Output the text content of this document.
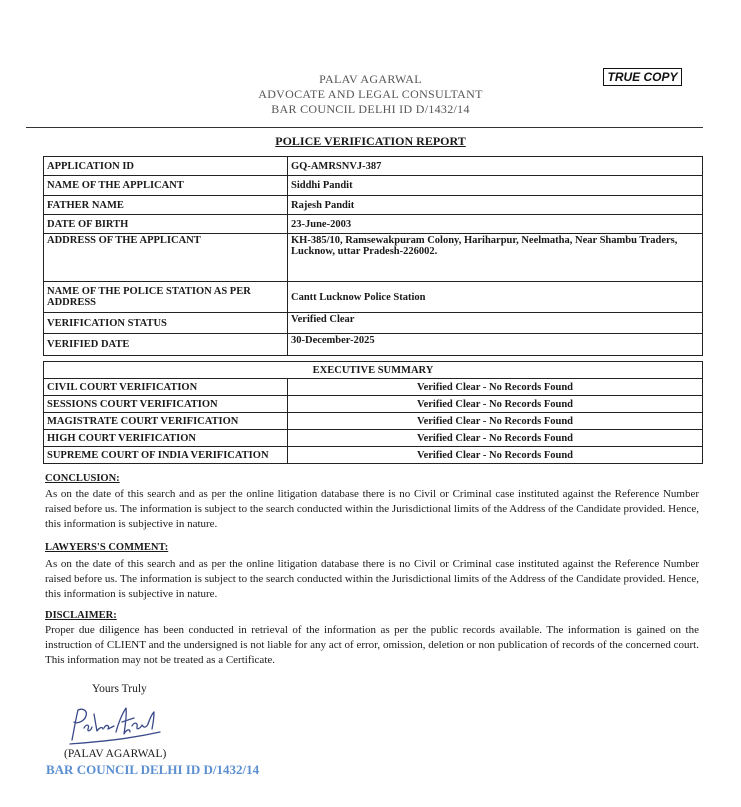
PALAV AGARWAL
ADVOCATE AND LEGAL CONSULTANT
BAR COUNCIL DELHI ID D/1432/14
TRUE COPY
POLICE VERIFICATION REPORT
APPLICATION ID	GQ-AMRSNVJ-387
NAME OF THE APPLICANT	Siddhi Pandit
FATHER NAME	Rajesh Pandit
DATE OF BIRTH	23-June-2003
ADDRESS OF THE APPLICANT	KH-385/10, Ramsewakpuram Colony, Hariharpur, Neelmatha, Near Shambu Traders, Lucknow, uttar Pradesh-226002.
NAME OF THE POLICE STATION AS PER ADDRESS	Cantt Lucknow Police Station
VERIFICATION STATUS	Verified Clear
VERIFIED DATE	30-December-2025
EXECUTIVE SUMMARY	
CIVIL COURT VERIFICATION	Verified Clear - No Records Found
SESSIONS COURT VERIFICATION	Verified Clear - No Records Found
MAGISTRATE COURT VERIFICATION	Verified Clear - No Records Found
HIGH COURT VERIFICATION	Verified Clear - No Records Found
SUPREME COURT OF INDIA VERIFICATION	Verified Clear - No Records Found
CONCLUSION:
As on the date of this search and as per the online litigation database there is no Civil or Criminal case instituted against the Reference Number raised before us. The information is subject to the search conducted within the Jurisdictional limits of the Address of the Candidate provided. Hence, this information is subjective in nature.
LAWYERS'S COMMENT:
As on the date of this search and as per the online litigation database there is no Civil or Criminal case instituted against the Reference Number raised before us. The information is subject to the search conducted within the Jurisdictional limits of the Address of the Candidate provided. Hence, this information is subjective in nature.
DISCLAIMER:
Proper due diligence has been conducted in retrieval of the information as per the public records available. The information is gained on the instruction of CLIENT and the undersigned is not liable for any act of error, omission, deletion or non publication of records of the concerned court. This information may not be treated as a Certificate.
Yours Truly
(PALAV AGARWAL)
BAR COUNCIL DELHI ID D/1432/14
